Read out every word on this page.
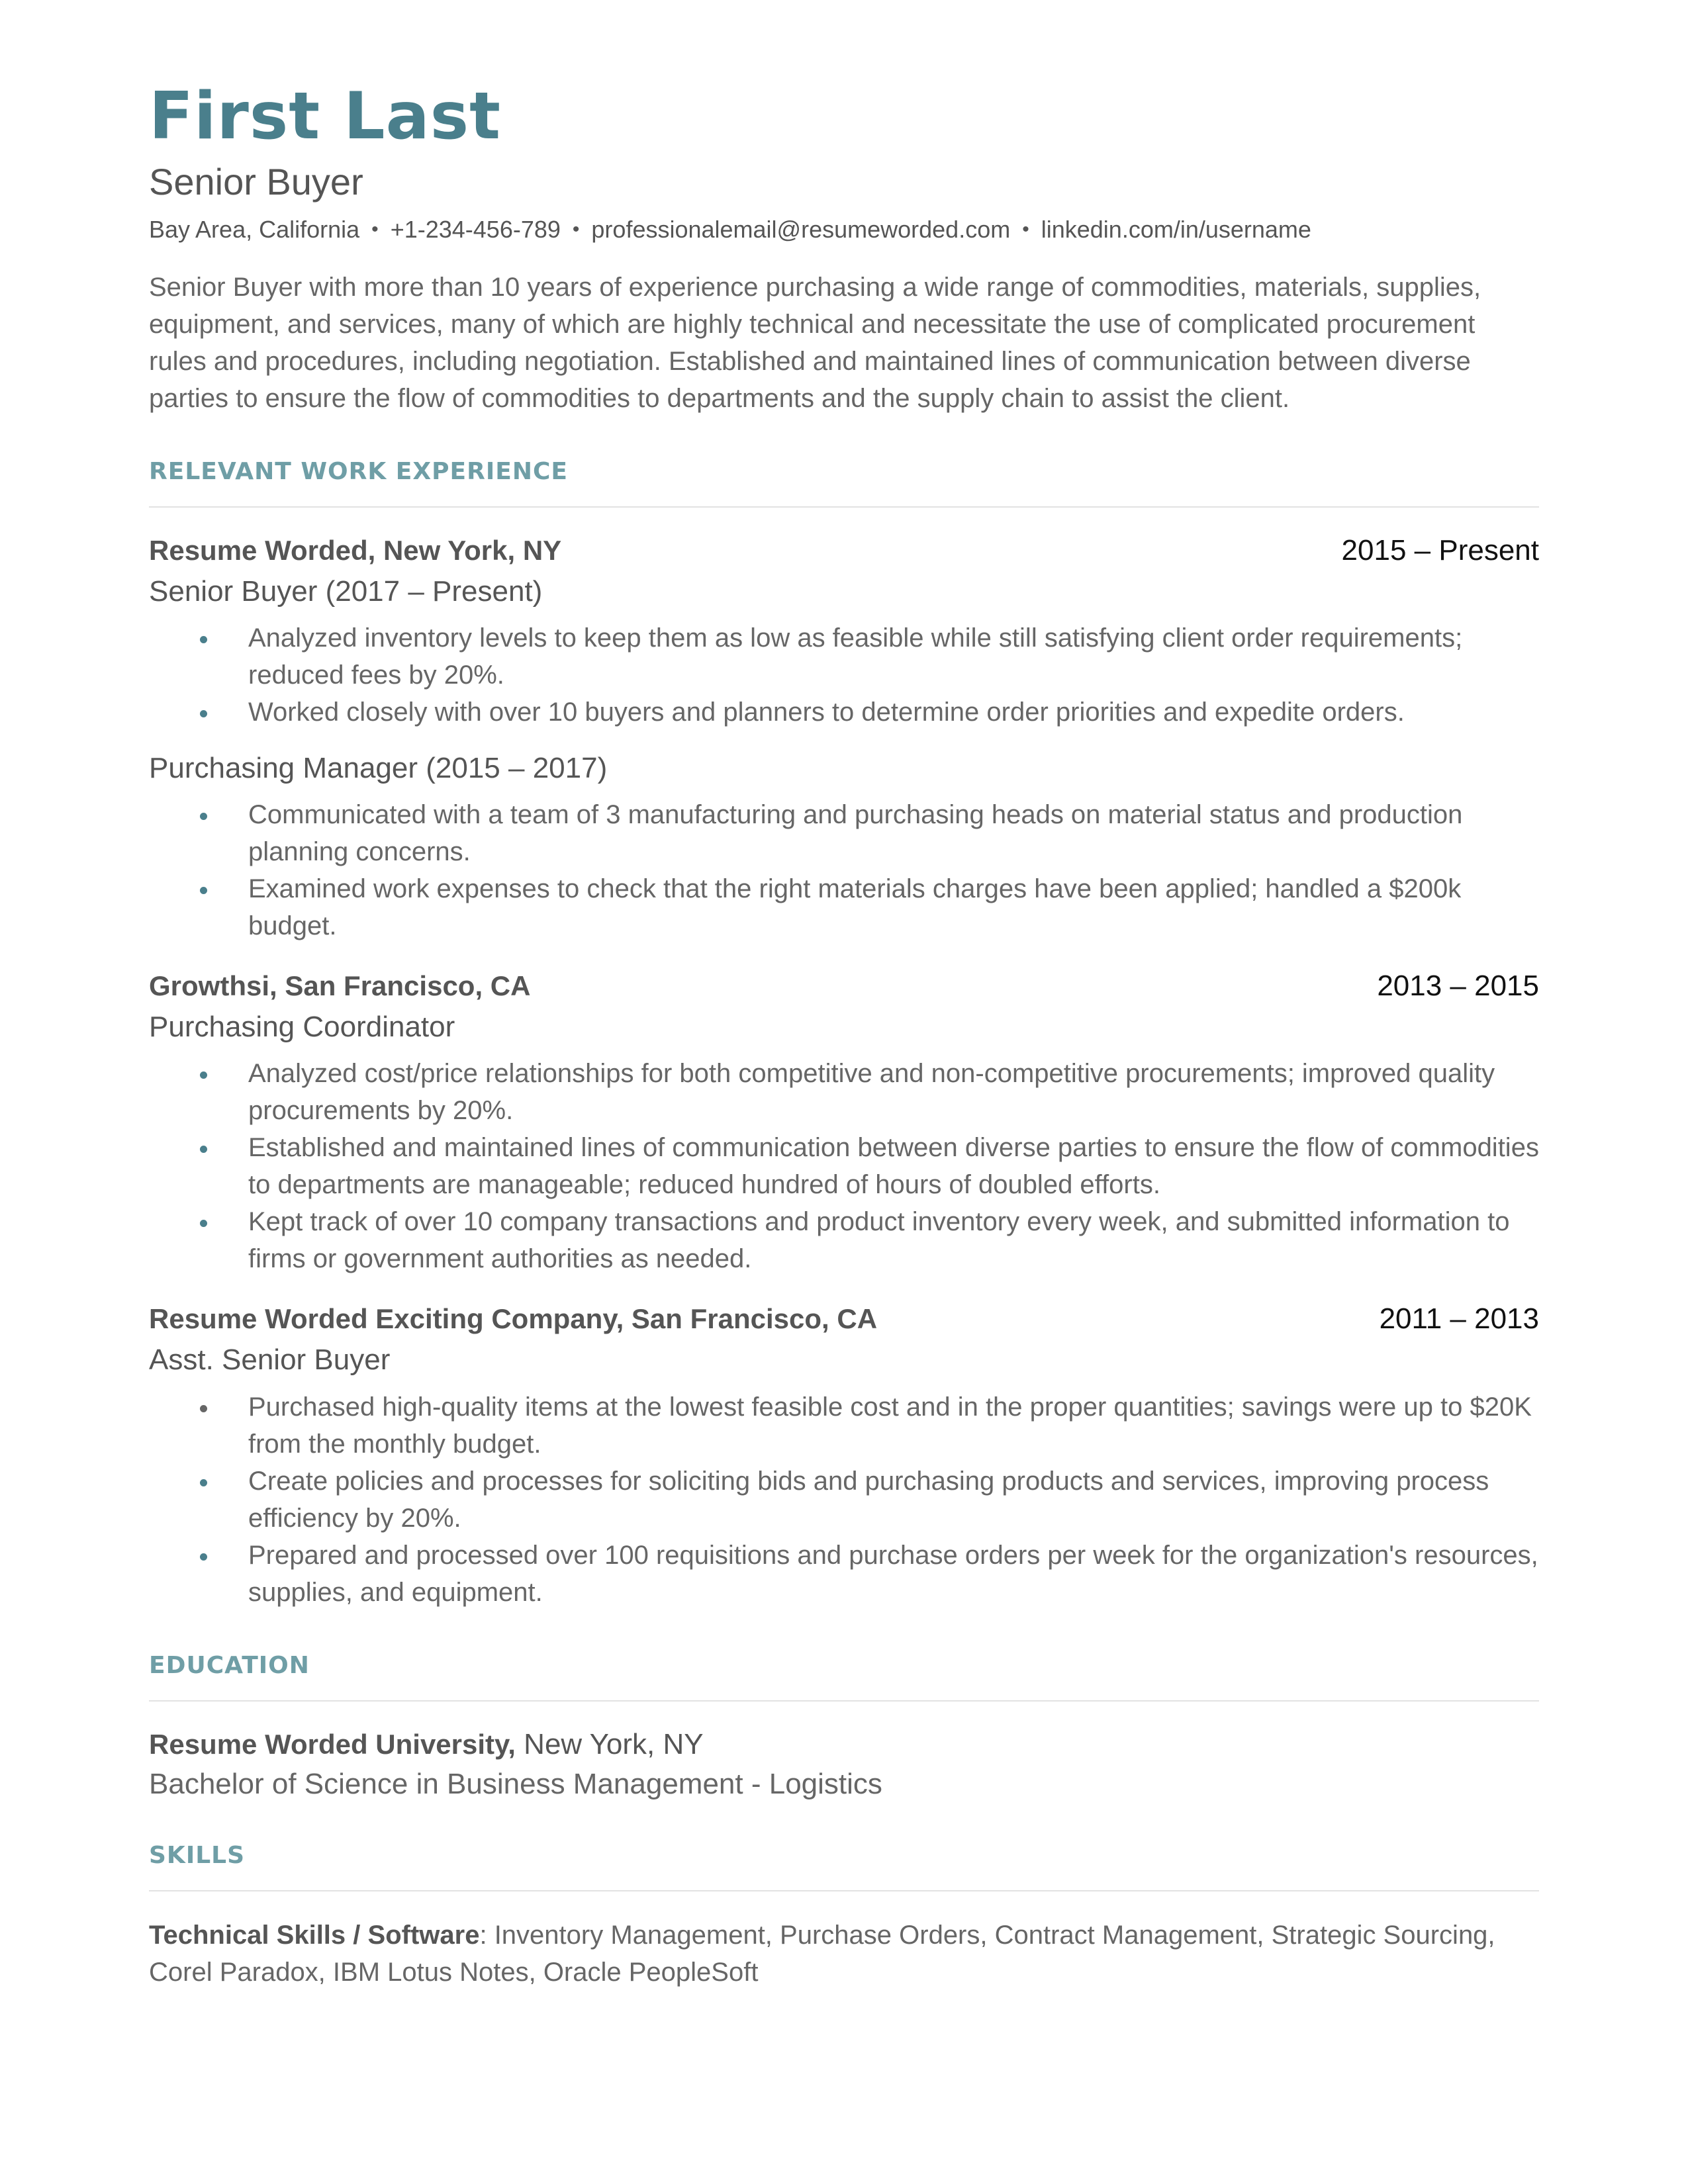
First Last
Senior Buyer
Bay Area, California • +1-234-456-789 • professionalemail@resumeworded.com • linkedin.com/in/username
Senior Buyer with more than 10 years of experience purchasing a wide range of commodities, materials, supplies, equipment, and services, many of which are highly technical and necessitate the use of complicated procurement rules and procedures, including negotiation. Established and maintained lines of communication between diverse parties to ensure the flow of commodities to departments and the supply chain to assist the client.
RELEVANT WORK EXPERIENCE
Resume Worded, New York, NY	2015 – Present
Senior Buyer (2017 – Present)
Analyzed inventory levels to keep them as low as feasible while still satisfying client order requirements; reduced fees by 20%.
Worked closely with over 10 buyers and planners to determine order priorities and expedite orders.
Purchasing Manager (2015 – 2017)
Communicated with a team of 3 manufacturing and purchasing heads on material status and production planning concerns.
Examined work expenses to check that the right materials charges have been applied; handled a $200k budget.
Growthsi, San Francisco, CA	2013 – 2015
Purchasing Coordinator
Analyzed cost/price relationships for both competitive and non-competitive procurements; improved quality procurements by 20%.
Established and maintained lines of communication between diverse parties to ensure the flow of commodities to departments are manageable; reduced hundred of hours of doubled efforts.
Kept track of over 10 company transactions and product inventory every week, and submitted information to firms or government authorities as needed.
Resume Worded Exciting Company, San Francisco, CA	2011 – 2013
Asst. Senior Buyer
Purchased high-quality items at the lowest feasible cost and in the proper quantities; savings were up to $20K from the monthly budget.
Create policies and processes for soliciting bids and purchasing products and services, improving process efficiency by 20%.
Prepared and processed over 100 requisitions and purchase orders per week for the organization's resources,
supplies, and equipment.
EDUCATION
Resume Worded University, New York, NY
Bachelor of Science in Business Management - Logistics
SKILLS
Technical Skills / Software: Inventory Management, Purchase Orders, Contract Management, Strategic Sourcing, Corel Paradox, IBM Lotus Notes, Oracle PeopleSoft
